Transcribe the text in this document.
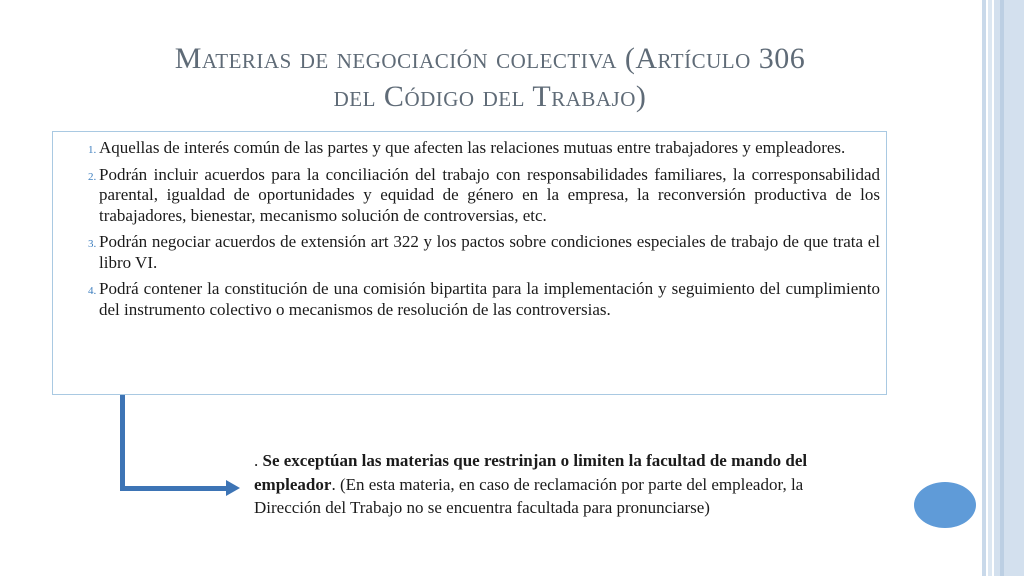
Materias de negociación colectiva (Artículo 306
del Código del Trabajo)
1. Aquellas de interés común de las partes y que afecten las relaciones mutuas entre trabajadores y empleadores.
2. Podrán incluir acuerdos para la conciliación del trabajo con responsabilidades familiares, la corresponsabilidad parental, igualdad de oportunidades y equidad de género en la empresa, la reconversión productiva de los trabajadores, bienestar, mecanismo solución de controversias, etc.
3. Podrán negociar acuerdos de extensión art 322 y los pactos sobre condiciones especiales de trabajo de que trata el libro VI.
4. Podrá contener la constitución de una comisión bipartita para la implementación y seguimiento del cumplimiento del instrumento colectivo o mecanismos de resolución de las controversias.
. Se exceptúan las materias que restrinjan o limiten la facultad de mando del empleador. (En esta materia, en caso de reclamación por parte del empleador, la Dirección del Trabajo no se encuentra facultada para pronunciarse)
